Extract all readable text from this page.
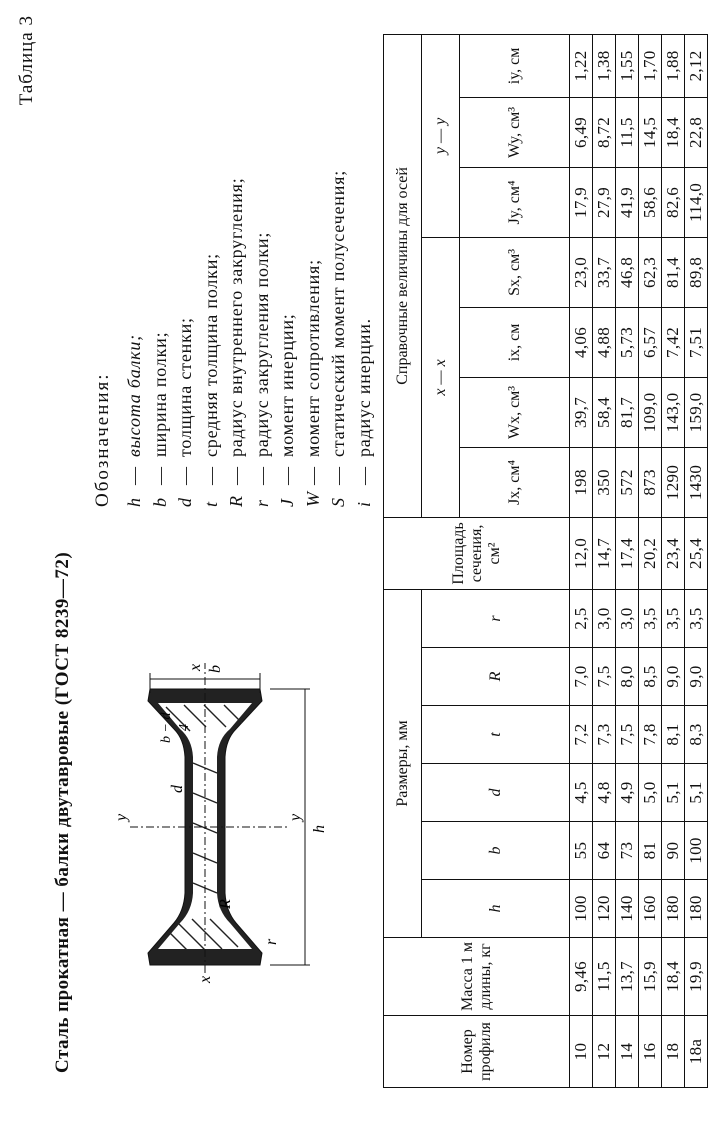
Таблица 3
Сталь прокатная — балки двутавровые (ГОСТ 8239—72)	y	y
x
x
d
R
r
h
b
b − d 4
Обозначения: h
—
высота балки;
b
—
ширина полки;
d
—
толщина стенки;
t
—
средняя толщина полки;
R
—
радиус внутреннего закругления;
r
—
радиус закругления полки;
J
—
момент инерции;
W
—
момент сопротивления;
S
—
статический момент полусечения;
i
—
радиус инерции.
Номер профиля	Масса 1 м длины, кг	Размеры, мм						Площадь сечения, см²	Справочные величины для осей						
		h	b	d	t	R	r		x — x				y — y		
									Jx, см⁴	Wx, см³	ix, см	Sx, см³	Jy, см⁴	Wy, см³	iy, см
10	9,46	100	55	4,5	7,2	7,0	2,5	12,0	198	39,7	4,06	23,0	17,9	6,49	1,22
12	11,5	120	64	4,8	7,3	7,5	3,0	14,7	350	58,4	4,88	33,7	27,9	8,72	1,38
14	13,7	140	73	4,9	7,5	8,0	3,0	17,4	572	81,7	5,73	46,8	41,9	11,5	1,55
16	15,9	160	81	5,0	7,8	8,5	3,5	20,2	873	109,0	6,57	62,3	58,6	14,5	1,70
18	18,4	180	90	5,1	8,1	9,0	3,5	23,4	1290	143,0	7,42	81,4	82,6	18,4	1,88
18a	19,9	180	100	5,1	8,3	9,0	3,5	25,4	1430	159,0	7,51	89,8	114,0	22,8	2,12
